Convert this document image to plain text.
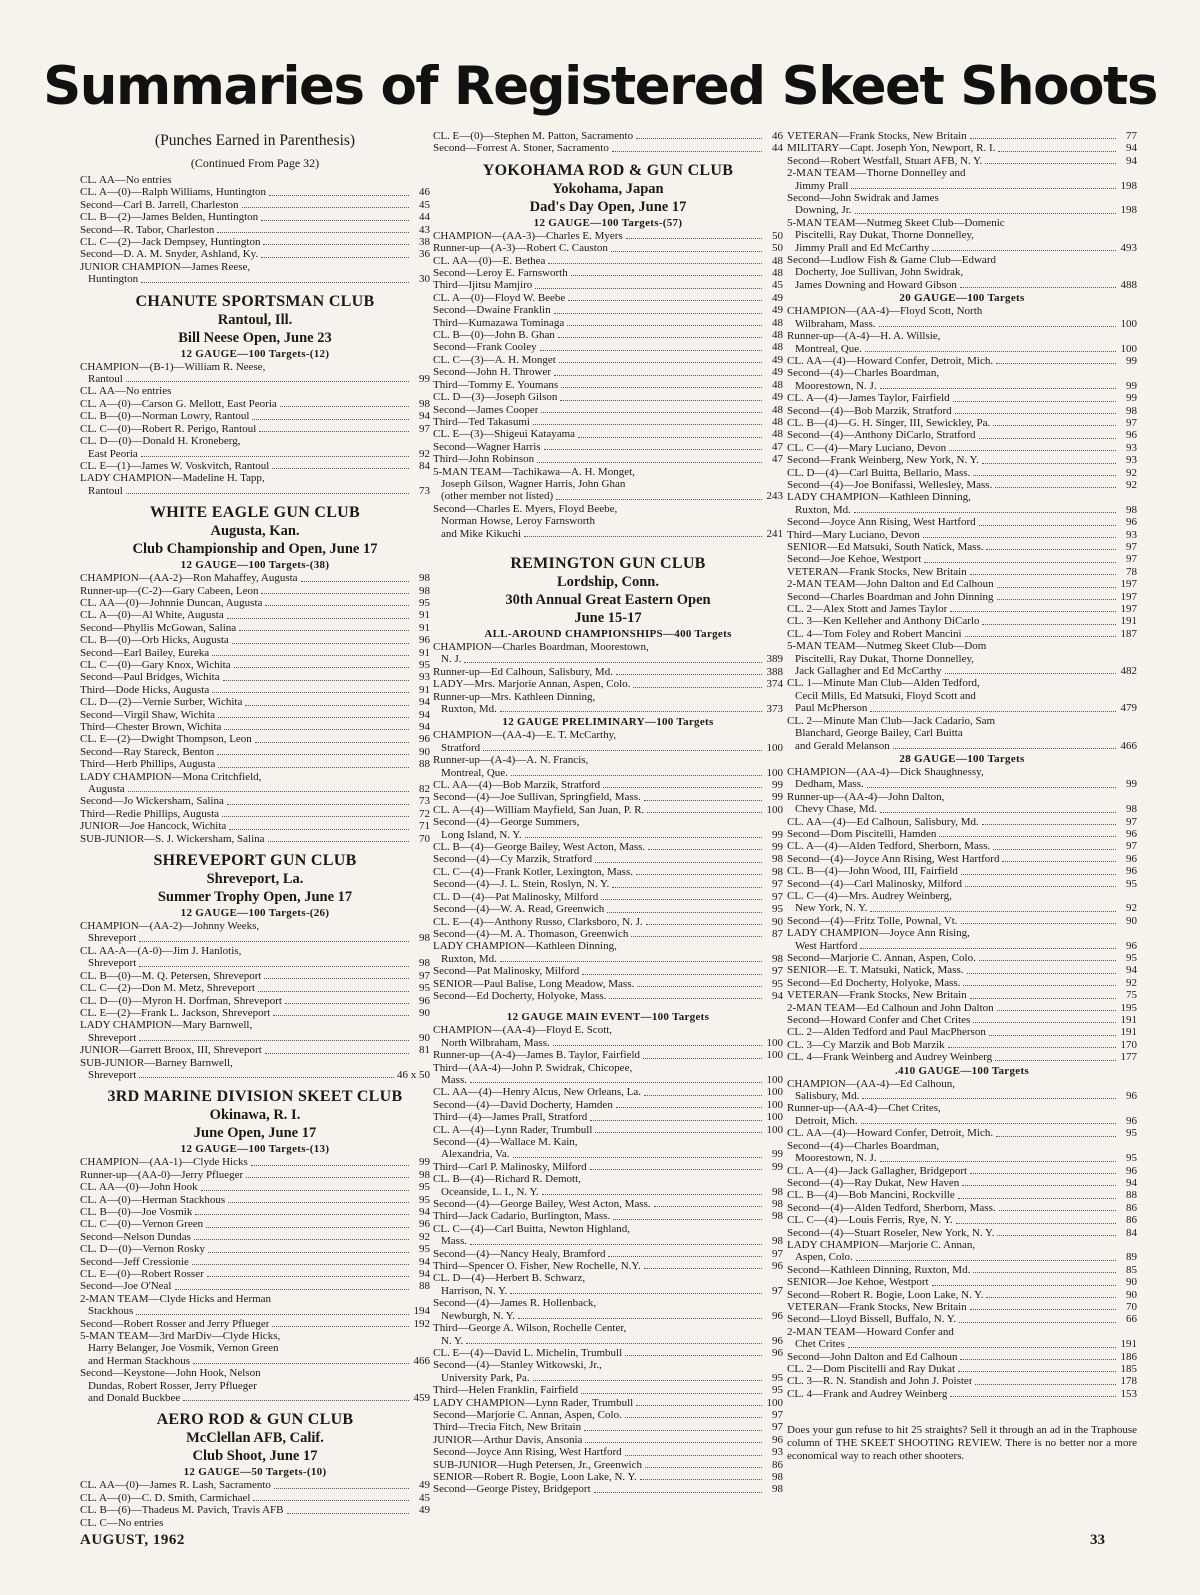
Summaries of Registered Skeet Shoots
(Punches Earned in Parenthesis)
(Continued From Page 32)
CL. AA—No entries
CL. A—(0)—Ralph Williams, Huntington	46
Second—Carl B. Jarrell, Charleston	45
CL. B—(2)—James Belden, Huntington	44
Second—R. Tabor, Charleston	43
CL. C—(2)—Jack Dempsey, Huntington	38
Second—D. A. M. Snyder, Ashland, Ky.	36
JUNIOR CHAMPION—James Reese,
Huntington	30
CHANUTE SPORTSMAN CLUB
Rantoul, Ill.
Bill Neese Open, June 23
12 GAUGE—100 Targets-(12)
CHAMPION—(B-1)—William R. Neese,
Rantoul	99
CL. AA—No entries
CL. A—(0)—Carson G. Mellott, East Peoria	98
CL. B—(0)—Norman Lowry, Rantoul	94
CL. C—(0)—Robert R. Perigo, Rantoul	97
CL. D—(0)—Donald H. Kroneberg,
East Peoria	92
CL. E—(1)—James W. Voskvitch, Rantoul	84
LADY CHAMPION—Madeline H. Tapp,
Rantoul	73
WHITE EAGLE GUN CLUB
Augusta, Kan.
Club Championship and Open, June 17
12 GAUGE—100 Targets-(38)
CHAMPION—(AA-2)—Ron Mahaffey, Augusta	98
Runner-up—(C-2)—Gary Cabeen, Leon	98
CL. AA—(0)—Johnnie Duncan, Augusta	95
CL. A—(0)—Al White, Augusta	91
Second—Phyllis McGowan, Salina	91
CL. B—(0)—Orb Hicks, Augusta	96
Second—Earl Bailey, Eureka	91
CL. C—(0)—Gary Knox, Wichita	95
Second—Paul Bridges, Wichita	93
Third—Dode Hicks, Augusta	91
CL. D—(2)—Vernie Surber, Wichita	94
Second—Virgil Shaw, Wichita	94
Third—Chester Brown, Wichita	94
CL. E—(2)—Dwight Thompson, Leon	96
Second—Ray Stareck, Benton	90
Third—Herb Phillips, Augusta	88
LADY CHAMPION—Mona Critchfield,
Augusta	82
Second—Jo Wickersham, Salina	73
Third—Redie Phillips, Augusta	72
JUNIOR—Joe Hancock, Wichita	71
SUB-JUNIOR—S. J. Wickersham, Salina	70
SHREVEPORT GUN CLUB
Shreveport, La.
Summer Trophy Open, June 17
12 GAUGE—100 Targets-(26)
CHAMPION—(AA-2)—Johnny Weeks,
Shreveport	98
CL. AA-A—(A-0)—Jim J. Hanlotis,
Shreveport	98
CL. B—(0)—M. Q. Petersen, Shreveport	97
CL. C—(2)—Don M. Metz, Shreveport	95
CL. D—(0)—Myron H. Dorfman, Shreveport	96
CL. E—(2)—Frank L. Jackson, Shreveport	90
LADY CHAMPION—Mary Barnwell,
Shreveport	90
JUNIOR—Garrett Broox, III, Shreveport	81
SUB-JUNIOR—Barney Barnwell,
Shreveport	46 x 50
3RD MARINE DIVISION SKEET CLUB
Okinawa, R. I.
June Open, June 17
12 GAUGE—100 Targets-(13)
CHAMPION—(AA-1)—Clyde Hicks	99
Runner-up—(AA-0)—Jerry Pflueger	98
CL. AA—(0)—John Hook	95
CL. A—(0)—Herman Stackhous	95
CL. B—(0)—Joe Vosmik	94
CL. C—(0)—Vernon Green	96
Second—Nelson Dundas	92
CL. D—(0)—Vernon Rosky	95
Second—Jeff Cressionie	94
CL. E—(0)—Robert Rosser	94
Second—Joe O'Neal	88
2-MAN TEAM—Clyde Hicks and Herman
Stackhous	194
Second—Robert Rosser and Jerry Pflueger	192
5-MAN TEAM—3rd MarDiv—Clyde Hicks,
Harry Belanger, Joe Vosmik, Vernon Green
and Herman Stackhous	466
Second—Keystone—John Hook, Nelson
Dundas, Robert Rosser, Jerry Pflueger
and Donald Buckbee	459
AERO ROD & GUN CLUB
McClellan AFB, Calif.
Club Shoot, June 17
12 GAUGE—50 Targets-(10)
CL. AA—(0)—James R. Lash, Sacramento	49
CL. A—(0)—C. D. Smith, Carmichael	45
CL. B—(6)—Thadeus M. Pavich, Travis AFB	49
CL. C—No entries
CL. E—(0)—Stephen M. Patton, Sacramento	46
Second—Forrest A. Stoner, Sacramento	44
YOKOHAMA ROD & GUN CLUB
Yokohama, Japan
Dad's Day Open, June 17
12 GAUGE—100 Targets-(57)
CHAMPION—(AA-3)—Charles E. Myers	50
Runner-up—(A-3)—Robert C. Causton	50
CL. AA—(0)—E. Bethea	48
Second—Leroy E. Farnsworth	48
Third—Ijitsu Mamjiro	45
CL. A—(0)—Floyd W. Beebe	49
Second—Dwaine Franklin	49
Third—Kumazawa Tominaga	48
CL. B—(0)—John B. Ghan	48
Second—Frank Cooley	48
CL. C—(3)—A. H. Monget	49
Second—John H. Thrower	49
Third—Tommy E. Youmans	48
CL. D—(3)—Joseph Gilson	49
Second—James Cooper	48
Third—Ted Takasumi	48
CL. E—(3)—Shigeui Katayama	48
Second—Wagner Harris	47
Third—John Robinson	47
5-MAN TEAM—Tachikawa—A. H. Monget,
Joseph Gilson, Wagner Harris, John Ghan
(other member not listed)	243
Second—Charles E. Myers, Floyd Beebe,
Norman Howse, Leroy Farnsworth
and Mike Kikuchi	241
REMINGTON GUN CLUB
Lordship, Conn.
30th Annual Great Eastern Open
June 15-17
ALL-AROUND CHAMPIONSHIPS—400 Targets
CHAMPION—Charles Boardman, Moorestown,
N. J.	389
Runner-up—Ed Calhoun, Salisbury, Md.	388
LADY—Mrs. Marjorie Annan, Aspen, Colo.	374
Runner-up—Mrs. Kathleen Dinning,
Ruxton, Md.	373
12 GAUGE PRELIMINARY—100 Targets
CHAMPION—(AA-4)—E. T. McCarthy,
Stratford	100
Runner-up—(A-4)—A. N. Francis,
Montreal, Que.	100
CL. AA—(4)—Bob Marzik, Stratford	99
Second—(4)—Joe Sullivan, Springfield, Mass.	99
CL. A—(4)—William Mayfield, San Juan, P. R.	100
Second—(4)—George Summers,
Long Island, N. Y.	99
CL. B—(4)—George Bailey, West Acton, Mass.	99
Second—(4)—Cy Marzik, Stratford	98
CL. C—(4)—Frank Kotler, Lexington, Mass.	98
Second—(4)—J. L. Stein, Roslyn, N. Y.	97
CL. D—(4)—Pat Malinosky, Milford	97
Second—(4)—W. A. Read, Greenwich	95
CL. E—(4)—Anthony Russo, Clarksboro, N. J.	90
Second—(4)—M. A. Thomason, Greenwich	87
LADY CHAMPION—Kathleen Dinning,
Ruxton, Md.	98
Second—Pat Malinosky, Milford	97
SENIOR—Paul Balise, Long Meadow, Mass.	95
Second—Ed Docherty, Holyoke, Mass.	94
12 GAUGE MAIN EVENT—100 Targets
CHAMPION—(AA-4)—Floyd E. Scott,
North Wilbraham, Mass.	100
Runner-up—(A-4)—James B. Taylor, Fairfield	100
Third—(AA-4)—John P. Swidrak, Chicopee,
Mass.	100
CL. AA—(4)—Henry Alcus, New Orleans, La.	100
Second—(4)—David Docherty, Hamden	100
Third—(4)—James Prall, Stratford	100
CL. A—(4)—Lynn Rader, Trumbull	100
Second—(4)—Wallace M. Kain,
Alexandria, Va.	99
Third—Carl P. Malinosky, Milford	99
CL. B—(4)—Richard R. Demott,
Oceanside, L. I., N. Y.	98
Second—(4)—George Bailey, West Acton, Mass.	98
Third—Jack Cadario, Burlington, Mass.	98
CL. C—(4)—Carl Buitta, Newton Highland,
Mass.	98
Second—(4)—Nancy Healy, Bramford	97
Third—Spencer O. Fisher, New Rochelle, N.Y.	96
CL. D—(4)—Herbert B. Schwarz,
Harrison, N. Y.	97
Second—(4)—James R. Hollenback,
Newburgh, N. Y.	96
Third—George A. Wilson, Rochelle Center,
N. Y.	96
CL. E—(4)—David L. Michelin, Trumbull	96
Second—(4)—Stanley Witkowski, Jr.,
University Park, Pa.	95
Third—Helen Franklin, Fairfield	95
LADY CHAMPION—Lynn Rader, Trumbull	100
Second—Marjorie C. Annan, Aspen, Colo.	97
Third—Trecia Fitch, New Britain	97
JUNIOR—Arthur Davis, Ansonia	96
Second—Joyce Ann Rising, West Hartford	93
SUB-JUNIOR—Hugh Petersen, Jr., Greenwich	86
SENIOR—Robert R. Bogie, Loon Lake, N. Y.	98
Second—George Pistey, Bridgeport	98
VETERAN—Frank Stocks, New Britain	77
MILITARY—Capt. Joseph Yon, Newport, R. I.	94
Second—Robert Westfall, Stuart AFB, N. Y.	94
2-MAN TEAM—Thorne Donnelley and
Jimmy Prall	198
Second—John Swidrak and James
Downing, Jr.	198
5-MAN TEAM—Nutmeg Skeet Club—Domenic
Piscitelli, Ray Dukat, Thorne Donnelley,
Jimmy Prall and Ed McCarthy	493
Second—Ludlow Fish & Game Club—Edward
Docherty, Joe Sullivan, John Swidrak,
James Downing and Howard Gibson	488
20 GAUGE—100 Targets
CHAMPION—(AA-4)—Floyd Scott, North
Wilbraham, Mass.	100
Runner-up—(A-4)—H. A. Willsie,
Montreal, Que.	100
CL. AA—(4)—Howard Confer, Detroit, Mich.	99
Second—(4)—Charles Boardman,
Moorestown, N. J.	99
CL. A—(4)—James Taylor, Fairfield	99
Second—(4)—Bob Marzik, Stratford	98
CL. B—(4)—G. H. Singer, III, Sewickley, Pa.	97
Second—(4)—Anthony DiCarlo, Stratford	96
CL. C—(4)—Mary Luciano, Devon	93
Second—Frank Weinberg, New York, N. Y.	93
CL. D—(4)—Carl Buitta, Bellario, Mass.	92
Second—(4)—Joe Bonifassi, Wellesley, Mass.	92
LADY CHAMPION—Kathleen Dinning,
Ruxton, Md.	98
Second—Joyce Ann Rising, West Hartford	96
Third—Mary Luciano, Devon	93
SENIOR—Ed Matsuki, South Natick, Mass.	97
Second—Joe Kehoe, Westport	97
VETERAN—Frank Stocks, New Britain	78
2-MAN TEAM—John Dalton and Ed Calhoun	197
Second—Charles Boardman and John Dinning	197
CL. 2—Alex Stott and James Taylor	197
CL. 3—Ken Kelleher and Anthony DiCarlo	191
CL. 4—Tom Foley and Robert Mancini	187
5-MAN TEAM—Nutmeg Skeet Club—Dom
Piscitelli, Ray Dukat, Thorne Donnelley,
Jack Gallagher and Ed McCarthy	482
CL. 1—Minute Man Club—Alden Tedford,
Cecil Mills, Ed Matsuki, Floyd Scott and
Paul McPherson	479
CL. 2—Minute Man Club—Jack Cadario, Sam
Blanchard, George Bailey, Carl Buitta
and Gerald Melanson	466
28 GAUGE—100 Targets
CHAMPION—(AA-4)—Dick Shaughnessy,
Dedham, Mass.	99
Runner-up—(AA-4)—John Dalton,
Chevy Chase, Md.	98
CL. AA—(4)—Ed Calhoun, Salisbury, Md.	97
Second—Dom Piscitelli, Hamden	96
CL. A—(4)—Alden Tedford, Sherborn, Mass.	97
Second—(4)—Joyce Ann Rising, West Hartford	96
CL. B—(4)—John Wood, III, Fairfield	96
Second—(4)—Carl Malinosky, Milford	95
CL. C—(4)—Mrs. Audrey Weinberg,
New York, N. Y.	92
Second—(4)—Fritz Tolle, Pownal, Vt.	90
LADY CHAMPION—Joyce Ann Rising,
West Hartford	96
Second—Marjorie C. Annan, Aspen, Colo.	95
SENIOR—E. T. Matsuki, Natick, Mass.	94
Second—Ed Docherty, Holyoke, Mass.	92
VETERAN—Frank Stocks, New Britain	75
2-MAN TEAM—Ed Calhoun and John Dalton	195
Second—Howard Confer and Chet Crites	191
CL. 2—Alden Tedford and Paul MacPherson	191
CL. 3—Cy Marzik and Bob Marzik	170
CL. 4—Frank Weinberg and Audrey Weinberg	177
.410 GAUGE—100 Targets
CHAMPION—(AA-4)—Ed Calhoun,
Salisbury, Md.	96
Runner-up—(AA-4)—Chet Crites,
Detroit, Mich.	96
CL. AA—(4)—Howard Confer, Detroit, Mich.	95
Second—(4)—Charles Boardman,
Moorestown, N. J.	95
CL. A—(4)—Jack Gallagher, Bridgeport	96
Second—(4)—Ray Dukat, New Haven	94
CL. B—(4)—Bob Mancini, Rockville	88
Second—(4)—Alden Tedford, Sherborn, Mass.	86
CL. C—(4)—Louis Ferris, Rye, N. Y.	86
Second—(4)—Stuart Roseler, New York, N. Y.	84
LADY CHAMPION—Marjorie C. Annan,
Aspen, Colo.	89
Second—Kathleen Dinning, Ruxton, Md.	85
SENIOR—Joe Kehoe, Westport	90
Second—Robert R. Bogie, Loon Lake, N. Y.	90
VETERAN—Frank Stocks, New Britain	70
Second—Lloyd Bissell, Buffalo, N. Y.	66
2-MAN TEAM—Howard Confer and
Chet Crites	191
Second—John Dalton and Ed Calhoun	186
CL. 2—Dom Piscitelli and Ray Dukat	185
CL. 3—R. N. Standish and John J. Poister	178
CL. 4—Frank and Audrey Weinberg	153
Does your gun refuse to hit 25 straights? Sell it through an ad in the Traphouse column of THE SKEET SHOOTING REVIEW. There is no better nor a more economical way to reach other shooters.
AUGUST, 1962	33
